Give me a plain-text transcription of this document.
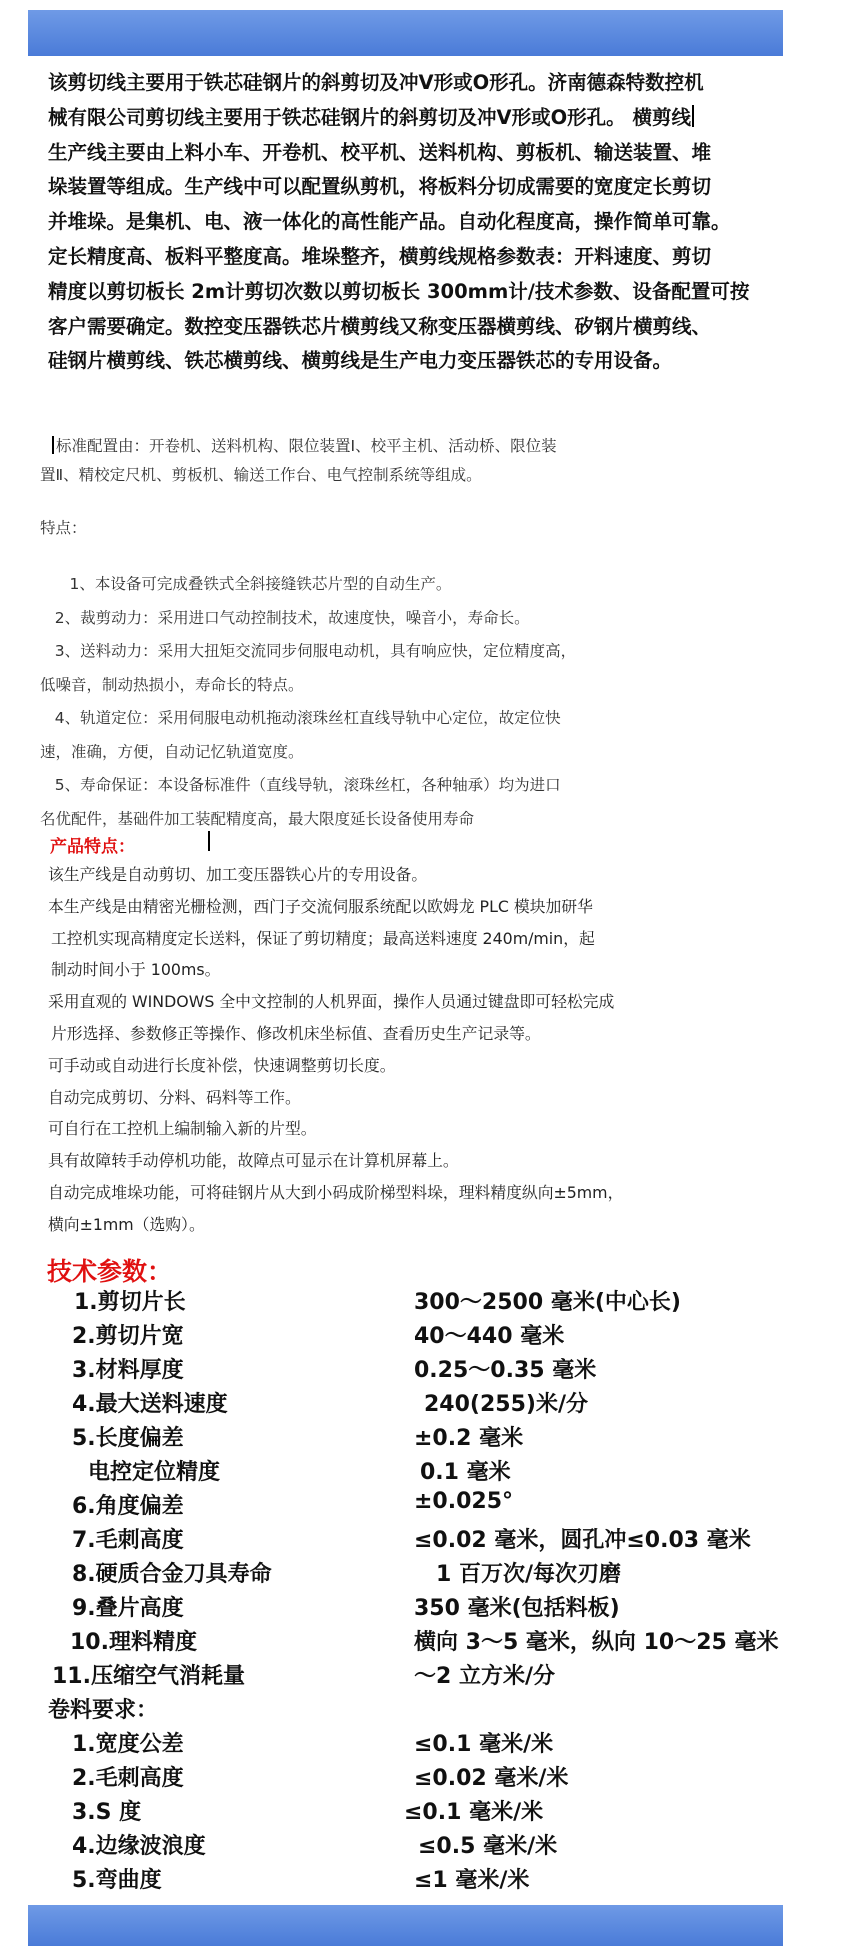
该剪切线主要用于铁芯硅钢片的斜剪切及冲Ⅴ形或O形孔。济南德森特数控机
械有限公司剪切线主要用于铁芯硅钢片的斜剪切及冲Ⅴ形或O形孔。 横剪线
生产线主要由上料小车、开卷机、校平机、送料机构、剪板机、输送装置、堆
垛装置等组成。生产线中可以配置纵剪机，将板料分切成需要的宽度定长剪切
并堆垛。是集机、电、液一体化的高性能产品。自动化程度高，操作简单可靠。
定长精度高、板料平整度高。堆垛整齐，横剪线规格参数表：开料速度、剪切
精度以剪切板长 2m计剪切次数以剪切板长 300mm计/技术参数、设备配置可按
客户需要确定。数控变压器铁芯片横剪线又称变压器横剪线、矽钢片横剪线、
硅钢片横剪线、铁芯横剪线、横剪线是生产电力变压器铁芯的专用设备。
标准配置由：开卷机、送料机构、限位装置Ⅰ、校平主机、活动桥、限位装
置Ⅱ、精校定尺机、剪板机、输送工作台、电气控制系统等组成。
特点：
1、本设备可完成叠铁式全斜接缝铁芯片型的自动生产。
2、裁剪动力：采用进口气动控制技术，故速度快，噪音小，寿命长。
3、送料动力：采用大扭矩交流同步伺服电动机，具有响应快，定位精度高，
低噪音，制动热损小，寿命长的特点。
4、轨道定位：采用伺服电动机拖动滚珠丝杠直线导轨中心定位，故定位快
速，准确，方便，自动记忆轨道宽度。
5、寿命保证：本设备标准件（直线导轨，滚珠丝杠，各种轴承）均为进口
名优配件，基础件加工装配精度高，最大限度延长设备使用寿命
产品特点：
该生产线是自动剪切、加工变压器铁心片的专用设备。
本生产线是由精密光栅检测，西门子交流伺服系统配以欧姆龙 PLC 模块加研华
工控机实现高精度定长送料，保证了剪切精度；最高送料速度 240m/min，起
制动时间小于 100ms。
采用直观的 WINDOWS 全中文控制的人机界面，操作人员通过键盘即可轻松完成
片形选择、参数修正等操作、修改机床坐标值、查看历史生产记录等。
可手动或自动进行长度补偿，快速调整剪切长度。
自动完成剪切、分料、码料等工作。
可自行在工控机上编制输入新的片型。
具有故障转手动停机功能，故障点可显示在计算机屏幕上。
自动完成堆垛功能，可将硅钢片从大到小码成阶梯型料垛，理料精度纵向±5mm，
横向±1mm（选购）。
技术参数：
1.剪切片长	300～2500 毫米(中心长)
2.剪切片宽	40～440 毫米
3.材料厚度	0.25～0.35 毫米
4.最大送料速度	240(255)米/分
5.长度偏差	±0.2 毫米
电控定位精度	0.1 毫米
6.角度偏差	±0.025°
7.毛刺高度	≤0.02 毫米，圆孔冲≤0.03 毫米
8.硬质合金刀具寿命	1 百万次/每次刃磨
9.叠片高度	350 毫米(包括料板)
10.理料精度	横向 3～5 毫米，纵向 10～25 毫米
11.压缩空气消耗量	～2 立方米/分
卷料要求：
1.宽度公差	≤0.1 毫米/米
2.毛刺高度	≤0.02 毫米/米
3.S 度	≤0.1 毫米/米
4.边缘波浪度	≤0.5 毫米/米
5.弯曲度	≤1 毫米/米
